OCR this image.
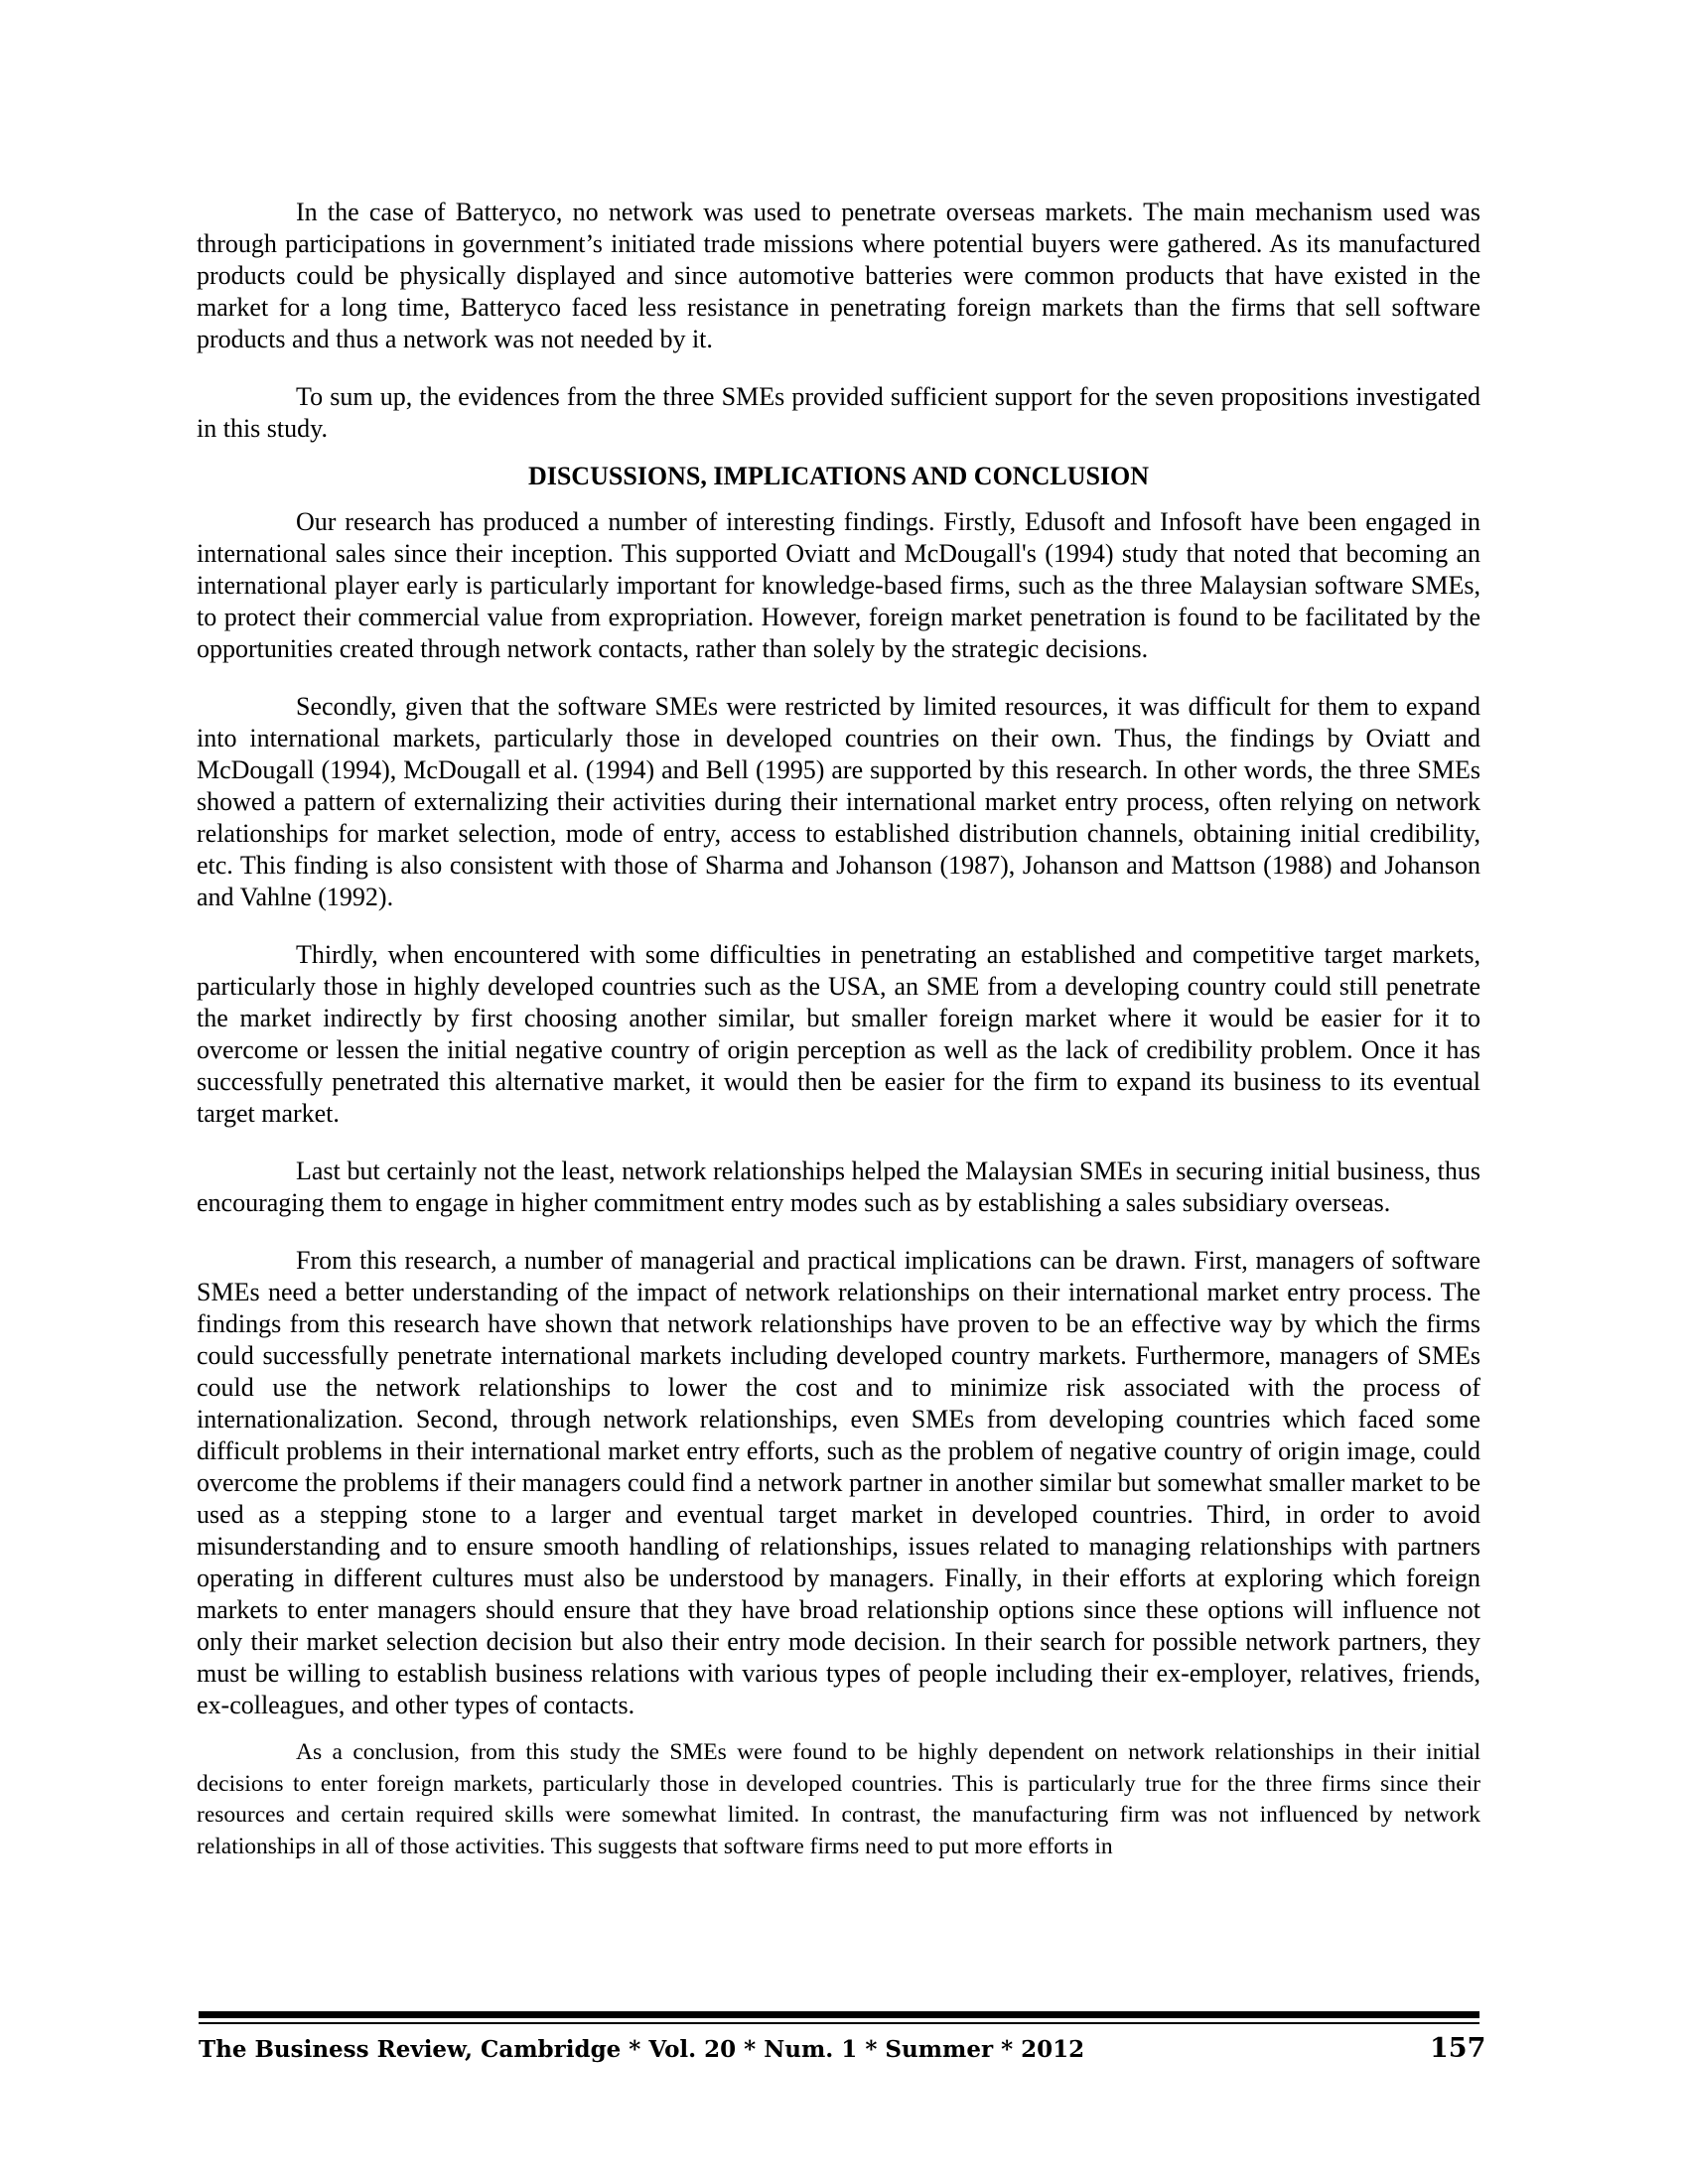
In the case of Batteryco, no network was used to penetrate overseas markets. The main mechanism used was through participations in government’s initiated trade missions where potential buyers were gathered. As its manufactured products could be physically displayed and since automotive batteries were common products that have existed in the market for a long time, Batteryco faced less resistance in penetrating foreign markets than the firms that sell software products and thus a network was not needed by it.

To sum up, the evidences from the three SMEs provided sufficient support for the seven propositions investigated in this study.

DISCUSSIONS, IMPLICATIONS AND CONCLUSION

Our research has produced a number of interesting findings. Firstly, Edusoft and Infosoft have been engaged in international sales since their inception. This supported Oviatt and McDougall's (1994) study that noted that becoming an international player early is particularly important for knowledge-based firms, such as the three Malaysian software SMEs, to protect their commercial value from expropriation. However, foreign market penetration is found to be facilitated by the opportunities created through network contacts, rather than solely by the strategic decisions.

Secondly, given that the software SMEs were restricted by limited resources, it was difficult for them to expand into international markets, particularly those in developed countries on their own. Thus, the findings by Oviatt and McDougall (1994), McDougall et al. (1994) and Bell (1995) are supported by this research. In other words, the three SMEs showed a pattern of externalizing their activities during their international market entry process, often relying on network relationships for market selection, mode of entry, access to established distribution channels, obtaining initial credibility, etc. This finding is also consistent with those of Sharma and Johanson (1987), Johanson and Mattson (1988) and Johanson and Vahlne (1992).

Thirdly, when encountered with some difficulties in penetrating an established and competitive target markets, particularly those in highly developed countries such as the USA, an SME from a developing country could still penetrate the market indirectly by first choosing another similar, but smaller foreign market where it would be easier for it to overcome or lessen the initial negative country of origin perception as well as the lack of credibility problem. Once it has successfully penetrated this alternative market, it would then be easier for the firm to expand its business to its eventual target market.

Last but certainly not the least, network relationships helped the Malaysian SMEs in securing initial business, thus encouraging them to engage in higher commitment entry modes such as by establishing a sales subsidiary overseas.

From this research, a number of managerial and practical implications can be drawn. First, managers of software SMEs need a better understanding of the impact of network relationships on their international market entry process. The findings from this research have shown that network relationships have proven to be an effective way by which the firms could successfully penetrate international markets including developed country markets. Furthermore, managers of SMEs could use the network relationships to lower the cost and to minimize risk associated with the process of internationalization. Second, through network relationships, even SMEs from developing countries which faced some difficult problems in their international market entry efforts, such as the problem of negative country of origin image, could overcome the problems if their managers could find a network partner in another similar but somewhat smaller market to be used as a stepping stone to a larger and eventual target market in developed countries. Third, in order to avoid misunderstanding and to ensure smooth handling of relationships, issues related to managing relationships with partners operating in different cultures must also be understood by managers. Finally, in their efforts at exploring which foreign markets to enter managers should ensure that they have broad relationship options since these options will influence not only their market selection decision but also their entry mode decision. In their search for possible network partners, they must be willing to establish business relations with various types of people including their ex-employer, relatives, friends, ex-colleagues, and other types of contacts.

As a conclusion, from this study the SMEs were found to be highly dependent on network relationships in their initial decisions to enter foreign markets, particularly those in developed countries. This is particularly true for the three firms since their resources and certain required skills were somewhat limited. In contrast, the manufacturing firm was not influenced by network relationships in all of those activities. This suggests that software firms need to put more efforts in

The Business Review, Cambridge * Vol. 20 * Num. 1 * Summer * 2012	157
